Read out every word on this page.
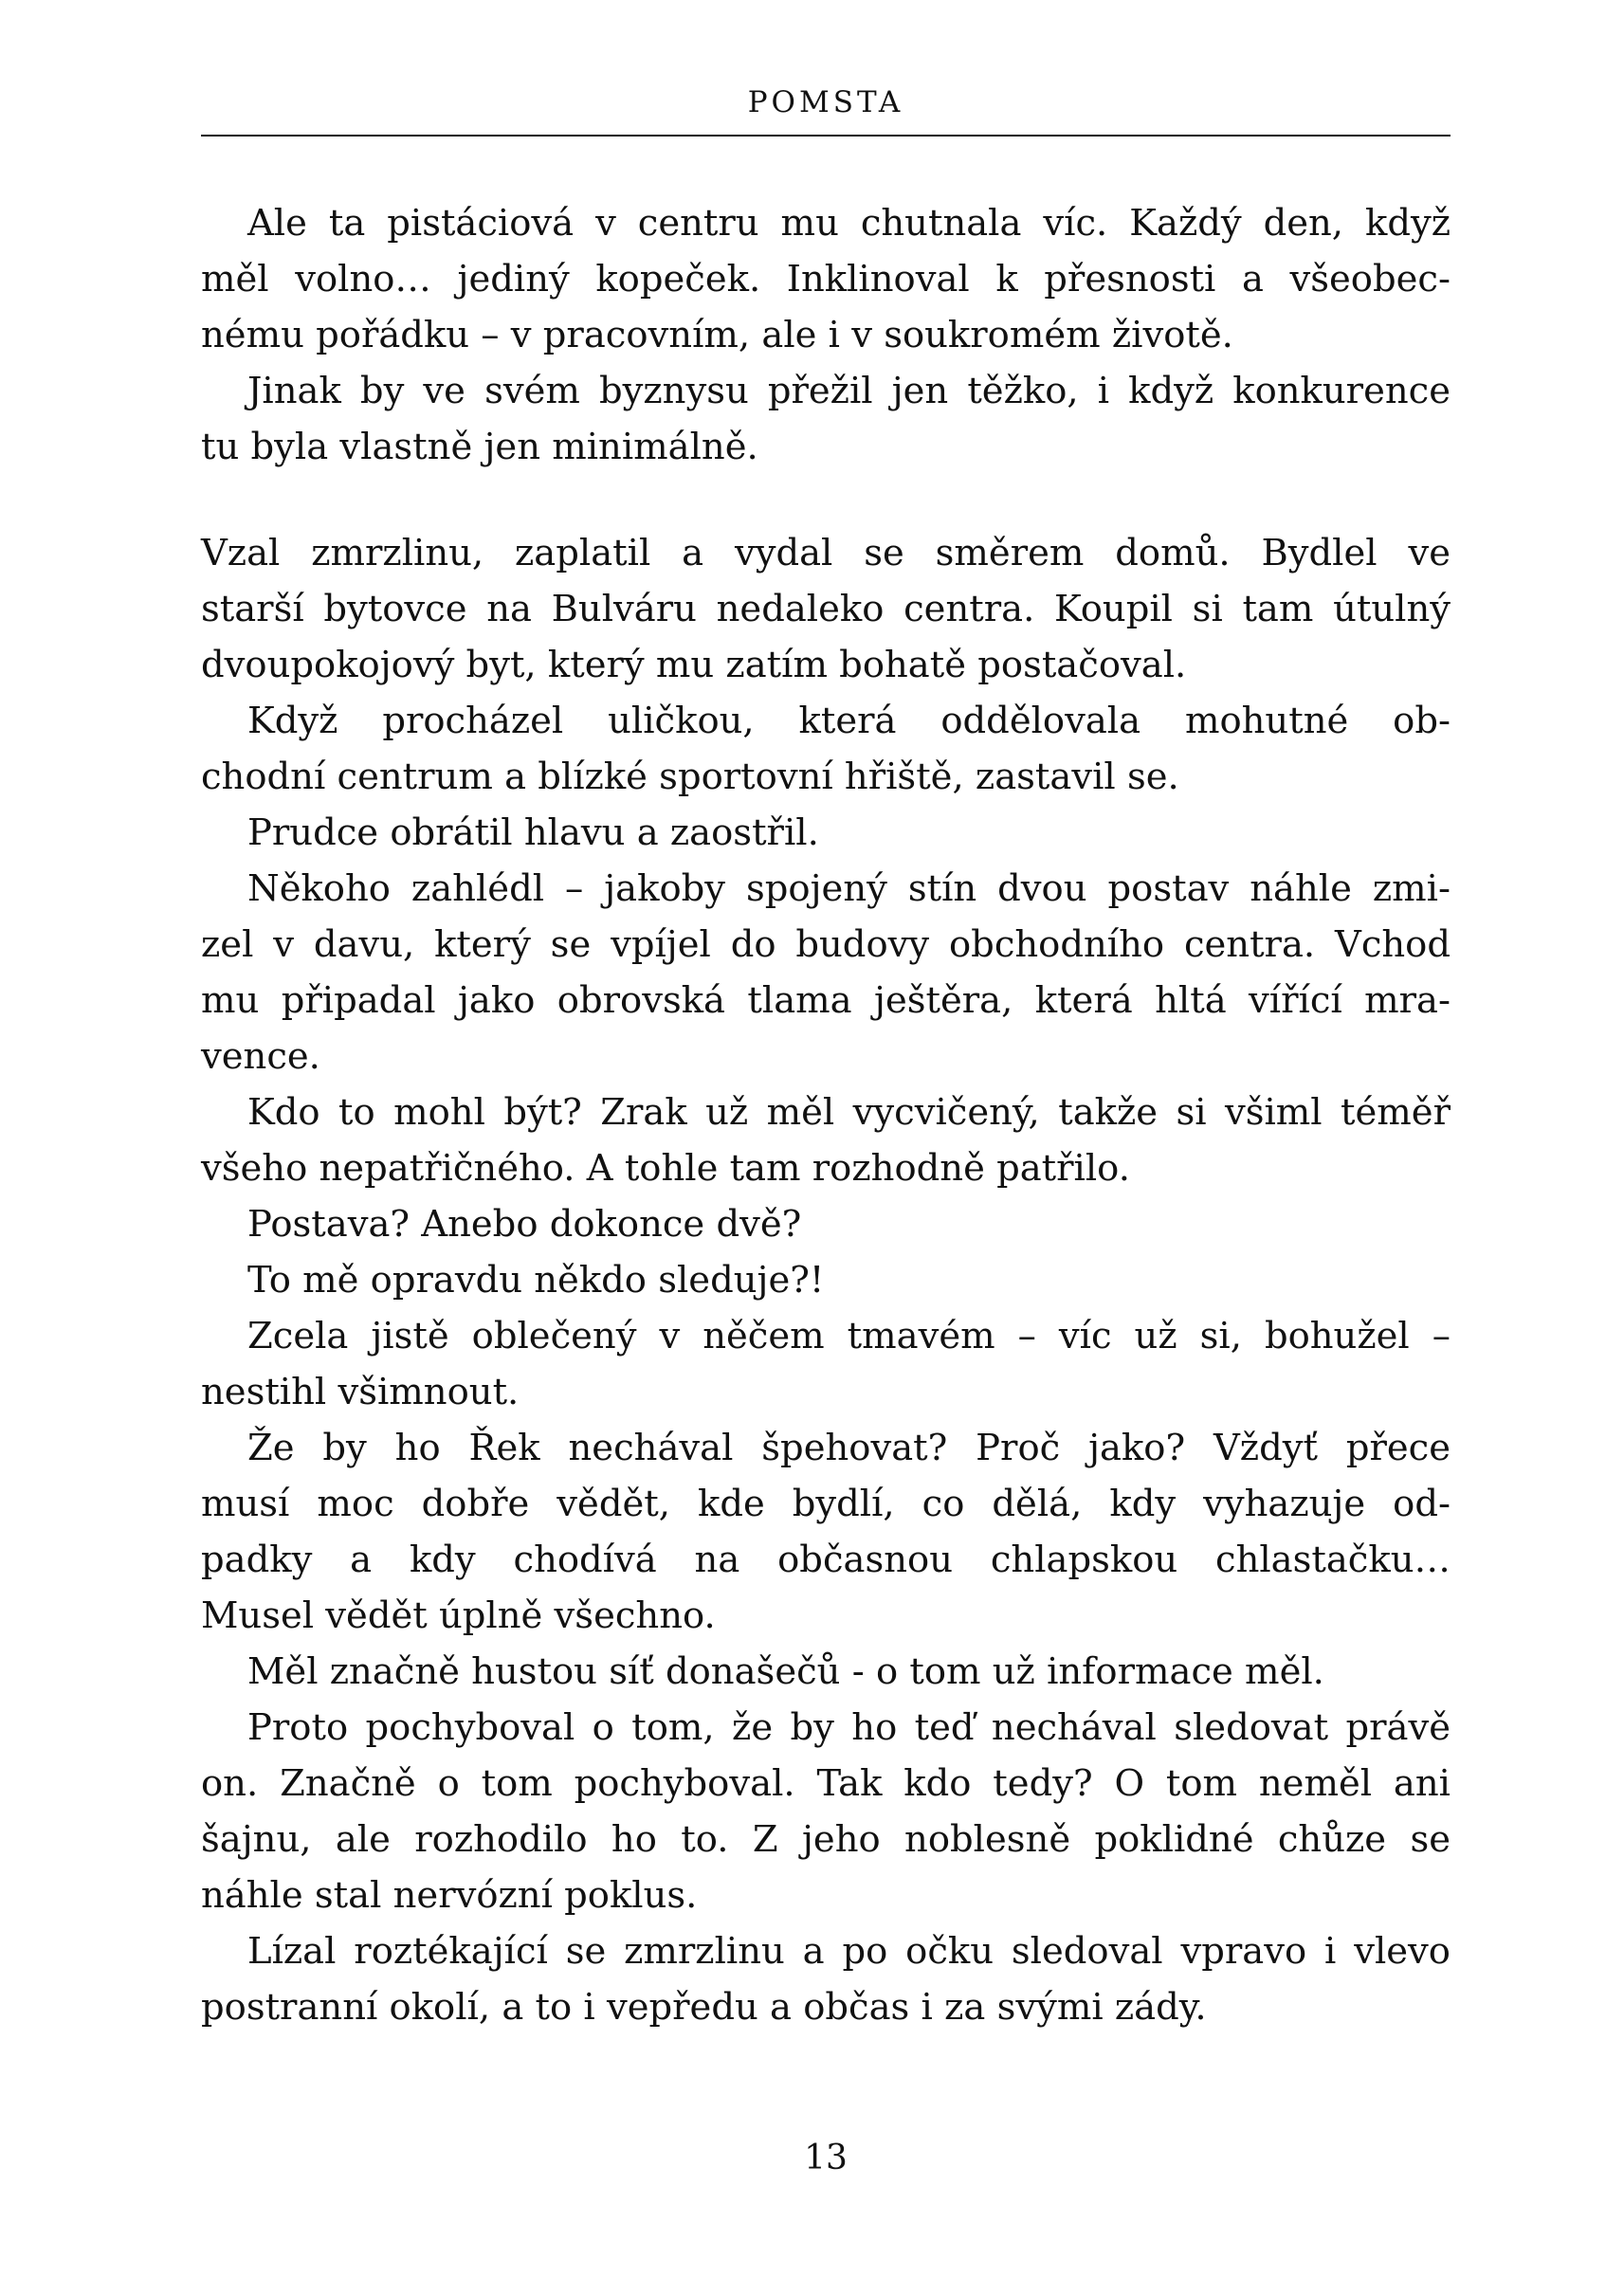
POMSTA
Ale ta pistáciová v centru mu chutnala víc. Každý den, když
měl volno… jediný kopeček. Inklinoval k přesnosti a všeobec-
nému pořádku – v pracovním, ale i v soukromém životě.
Jinak by ve svém byznysu přežil jen těžko, i když konkurence
tu byla vlastně jen minimálně.
Vzal zmrzlinu, zaplatil a vydal se směrem domů. Bydlel ve
starší bytovce na Bulváru nedaleko centra. Koupil si tam útulný
dvoupokojový byt, který mu zatím bohatě postačoval.
Když procházel uličkou, která oddělovala mohutné ob-
chodní centrum a blízké sportovní hřiště, zastavil se.
Prudce obrátil hlavu a zaostřil.
Někoho zahlédl – jakoby spojený stín dvou postav náhle zmi-
zel v davu, který se vpíjel do budovy obchodního centra. Vchod
mu připadal jako obrovská tlama ještěra, která hltá vířící mra-
vence.
Kdo to mohl být? Zrak už měl vycvičený, takže si všiml téměř
všeho nepatřičného. A tohle tam rozhodně patřilo.
Postava? Anebo dokonce dvě?
To mě opravdu někdo sleduje?!
Zcela jistě oblečený v něčem tmavém – víc už si, bohužel –
nestihl všimnout.
Že by ho Řek nechával špehovat? Proč jako? Vždyť přece
musí moc dobře vědět, kde bydlí, co dělá, kdy vyhazuje od-
padky a kdy chodívá na občasnou chlapskou chlastačku…
Musel vědět úplně všechno.
Měl značně hustou síť donašečů - o tom už informace měl.
Proto pochyboval o tom, že by ho teď nechával sledovat právě
on. Značně o tom pochyboval. Tak kdo tedy? O tom neměl ani
šajnu, ale rozhodilo ho to. Z jeho noblesně poklidné chůze se
náhle stal nervózní poklus.
Lízal roztékající se zmrzlinu a po očku sledoval vpravo i vlevo
postranní okolí, a to i vepředu a občas i za svými zády.
13
